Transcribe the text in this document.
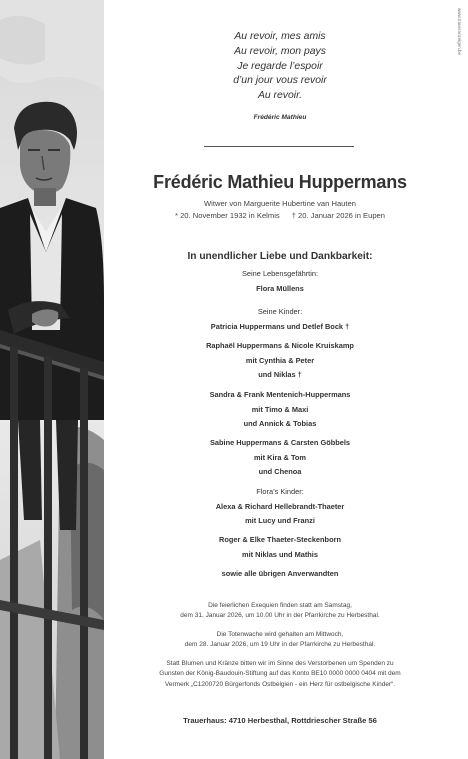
www.traueranzeigen.be
Au revoir, mes amis
Au revoir, mon pays
Je regarde l’espoir
d’un jour vous revoir
Au revoir.
Frédéric Mathieu
Frédéric Mathieu Huppermans
Witwer von Marguerite Hubertine van Hauten
* 20. November 1932 in Kelmis † 20. Januar 2026 in Eupen
In unendlicher Liebe und Dankbarkeit:
Seine Lebensgefährtin:
Flora Müllens
Seine Kinder:
Patricia Huppermans und Detlef Bock †
Raphaël Huppermans & Nicole Kruiskamp
mit Cynthia & Peter
und Niklas †
Sandra & Frank Mentenich-Huppermans
mit Timo & Maxi
und Annick & Tobias
Sabine Huppermans & Carsten Göbbels
mit Kira & Tom
und Chenoa
Flora’s Kinder:
Alexa & Richard Hellebrandt-Thaeter
mit Lucy und Franzi
Roger & Elke Thaeter-Steckenborn
mit Niklas und Mathis
sowie alle übrigen Anverwandten
Die feierlichen Exequien finden statt am Samstag,
dem 31. Januar 2026, um 10.00 Uhr in der Pfarrkirche zu Herbesthal.
Die Totenwache wird gehalten am Mittwoch,
dem 28. Januar 2026, um 19 Uhr in der Pfarrkirche zu Herbesthal.
Statt Blumen und Kränze bitten wir im Sinne des Verstorbenen um Spenden zu
Gunsten der König-Baudouin-Stiftung auf das Konto BE10 0000 0000 0404 mit dem
Vermerk „C1200720 Bürgerfonds Ostbelgien - ein Herz für ostbelgische Kinder“.
Trauerhaus: 4710 Herbesthal, Rottdriescher Straße 56
